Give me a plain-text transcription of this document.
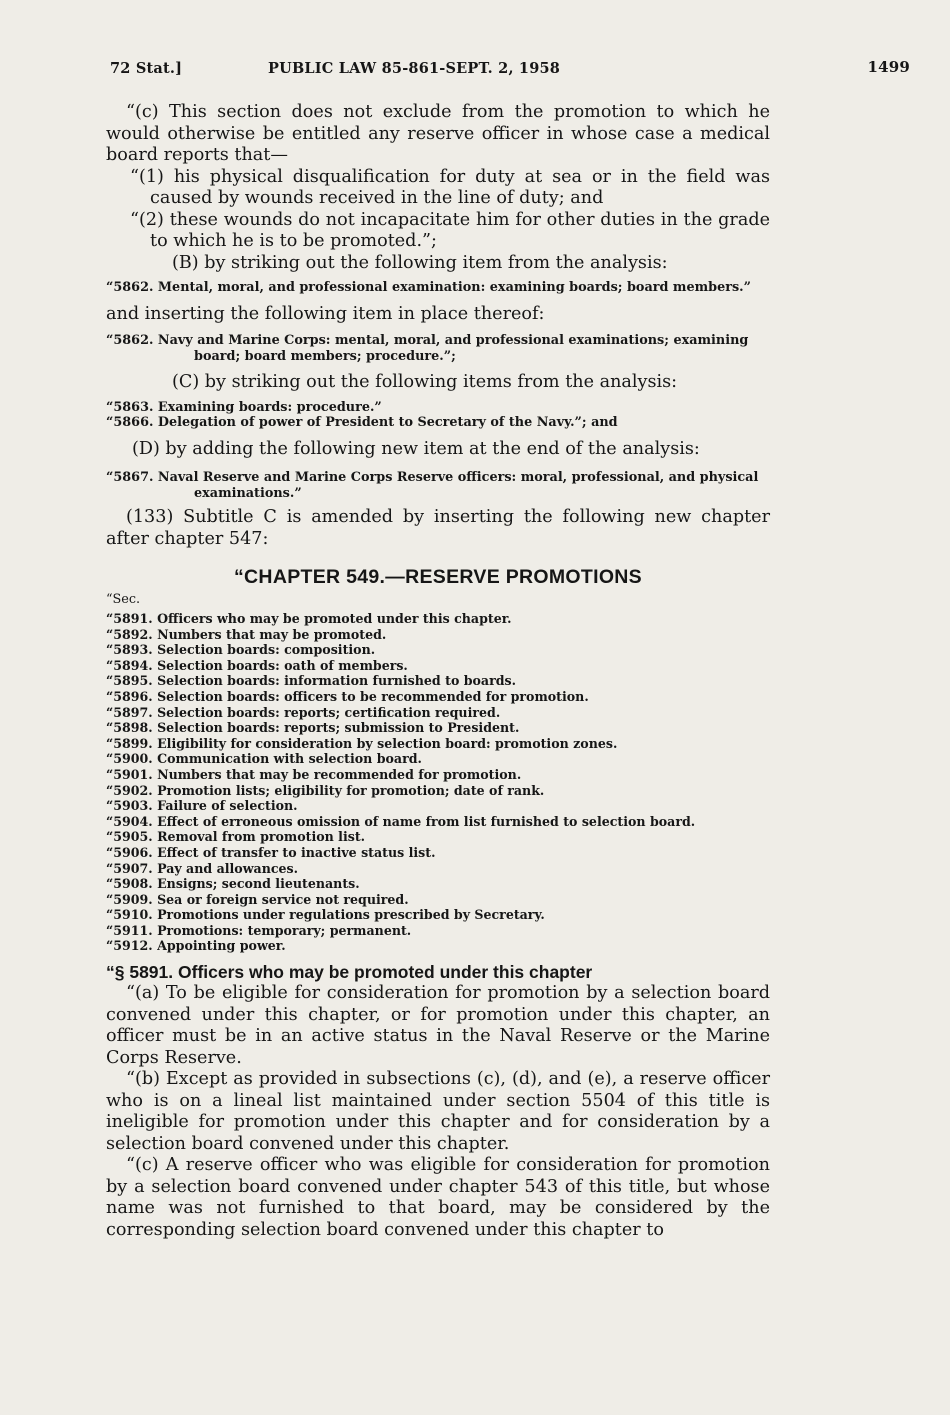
72 Stat.]	PUBLIC LAW 85-861-SEPT. 2, 1958	1499

“(c) This section does not exclude from the promotion to which he would otherwise be entitled any reserve officer in whose case a medical board reports that—

“(1) his physical disqualification for duty at sea or in the field was caused by wounds received in the line of duty; and

“(2) these wounds do not incapacitate him for other duties in the grade to which he is to be promoted.”;

(B) by striking out the following item from the analysis:

“5862. Mental, moral, and professional examination: examining boards; board members.”

and inserting the following item in place thereof:

“5862. Navy and Marine Corps: mental, moral, and professional examinations; examining board; board members; procedure.”;

(C) by striking out the following items from the analysis:

“5863. Examining boards: procedure.”

“5866. Delegation of power of President to Secretary of the Navy.”; and

(D) by adding the following new item at the end of the analysis:

“5867. Naval Reserve and Marine Corps Reserve officers: moral, professional, and physical examinations.”

(133) Subtitle C is amended by inserting the following new chapter after chapter 547:

“CHAPTER 549.—RESERVE PROMOTIONS

“Sec.

“5891. Officers who may be promoted under this chapter.

“5892. Numbers that may be promoted.

“5893. Selection boards: composition.

“5894. Selection boards: oath of members.

“5895. Selection boards: information furnished to boards.

“5896. Selection boards: officers to be recommended for promotion.

“5897. Selection boards: reports; certification required.

“5898. Selection boards: reports; submission to President.

“5899. Eligibility for consideration by selection board: promotion zones.

“5900. Communication with selection board.

“5901. Numbers that may be recommended for promotion.

“5902. Promotion lists; eligibility for promotion; date of rank.

“5903. Failure of selection.

“5904. Effect of erroneous omission of name from list furnished to selection board.

“5905. Removal from promotion list.

“5906. Effect of transfer to inactive status list.

“5907. Pay and allowances.

“5908. Ensigns; second lieutenants.

“5909. Sea or foreign service not required.

“5910. Promotions under regulations prescribed by Secretary.

“5911. Promotions: temporary; permanent.

“5912. Appointing power.

“§ 5891. Officers who may be promoted under this chapter

“(a) To be eligible for consideration for promotion by a selection board convened under this chapter, or for promotion under this chapter, an officer must be in an active status in the Naval Reserve or the Marine Corps Reserve.

“(b) Except as provided in subsections (c), (d), and (e), a reserve officer who is on a lineal list maintained under section 5504 of this title is ineligible for promotion under this chapter and for consideration by a selection board convened under this chapter.

“(c) A reserve officer who was eligible for consideration for promotion by a selection board convened under chapter 543 of this title, but whose name was not furnished to that board, may be considered by the corresponding selection board convened under this chapter to
